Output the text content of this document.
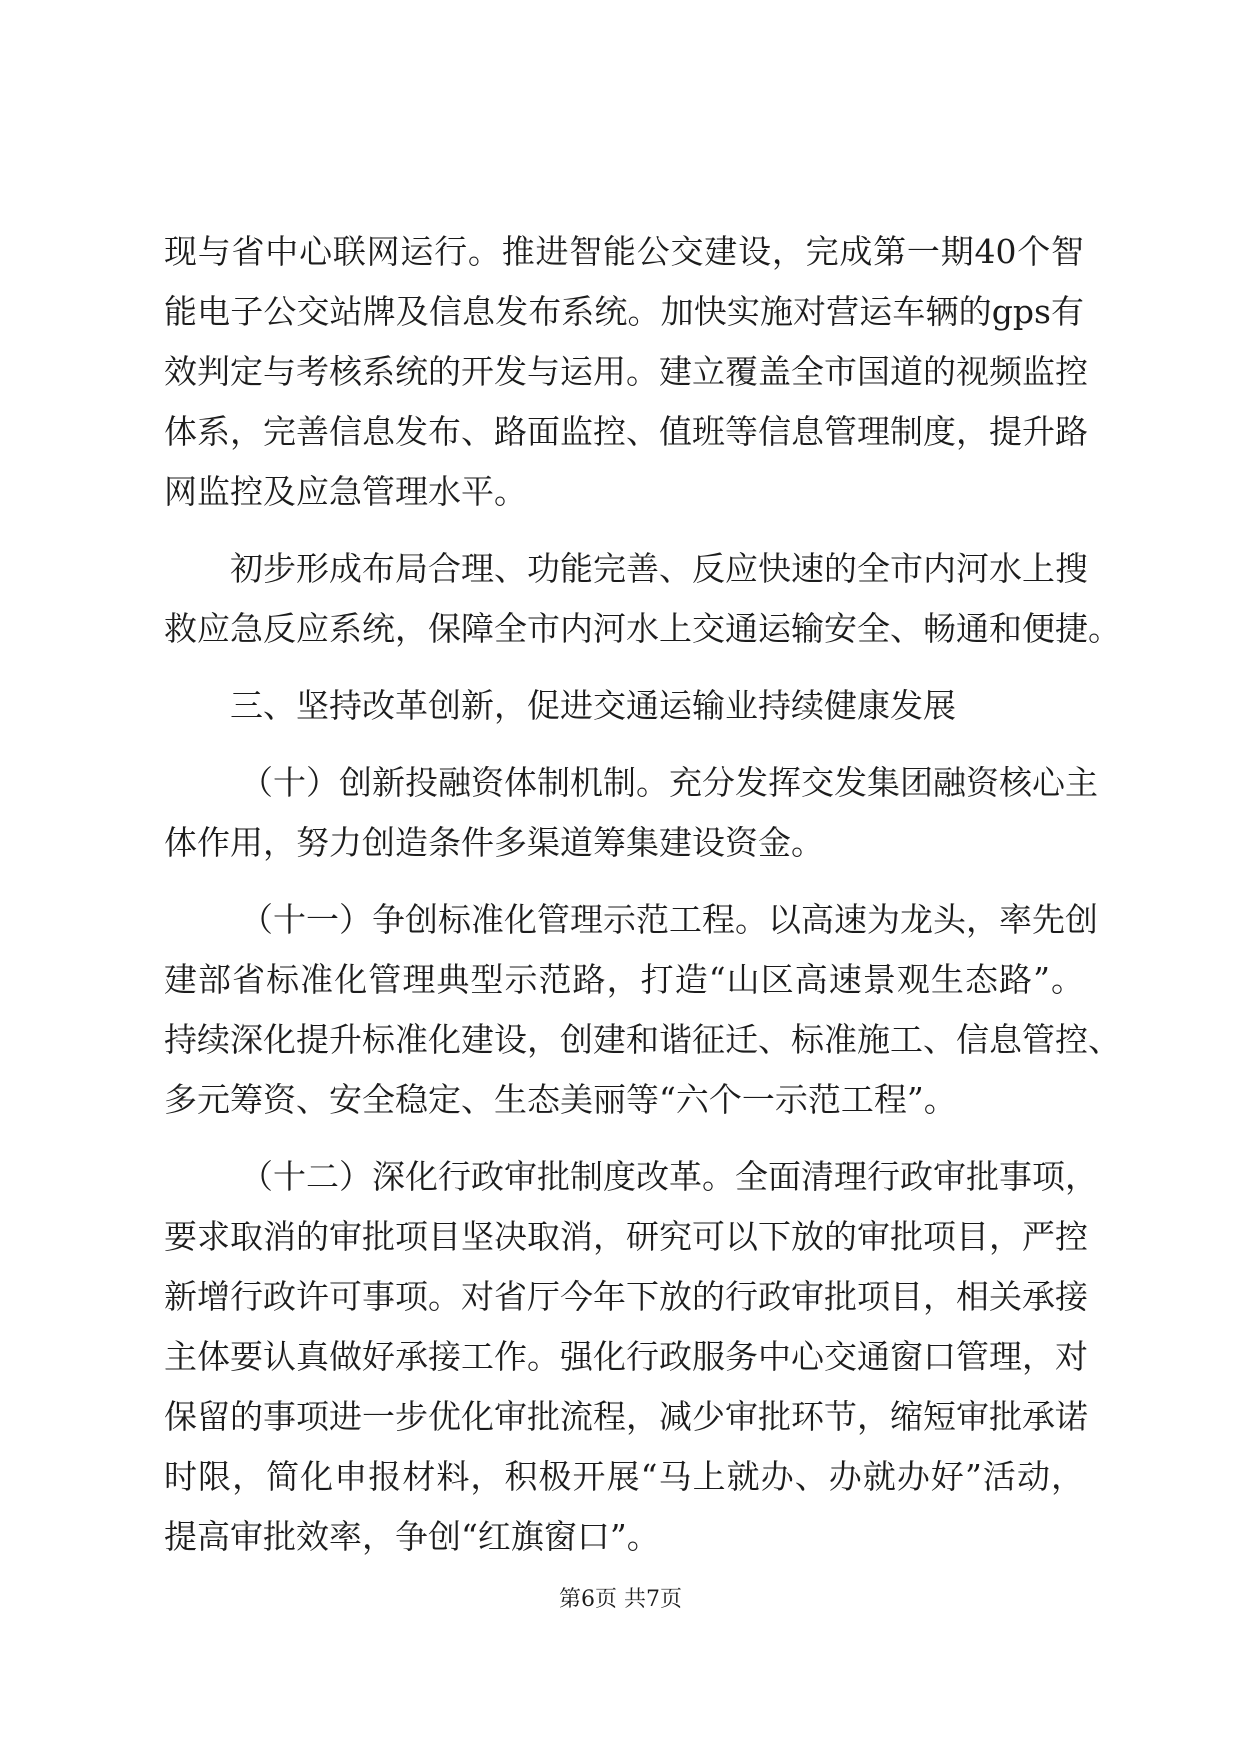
现与省中心联网运行。推进智能公交建设，完成第一期40个智
能电子公交站牌及信息发布系统。加快实施对营运车辆的gps有
效判定与考核系统的开发与运用。建立覆盖全市国道的视频监控
体系，完善信息发布、路面监控、值班等信息管理制度，提升路
网监控及应急管理水平。
初步形成布局合理、功能完善、反应快速的全市内河水上搜
救应急反应系统，保障全市内河水上交通运输安全、畅通和便捷。
三、坚持改革创新，促进交通运输业持续健康发展
（十）创新投融资体制机制。充分发挥交发集团融资核心主
体作用，努力创造条件多渠道筹集建设资金。
（十一）争创标准化管理示范工程。以高速为龙头，率先创
建部省标准化管理典型示范路，打造“山区高速景观生态路”。
持续深化提升标准化建设，创建和谐征迁、标准施工、信息管控、
多元筹资、安全稳定、生态美丽等“六个一示范工程”。
（十二）深化行政审批制度改革。全面清理行政审批事项，
要求取消的审批项目坚决取消，研究可以下放的审批项目，严控
新增行政许可事项。对省厅今年下放的行政审批项目，相关承接
主体要认真做好承接工作。强化行政服务中心交通窗口管理，对
保留的事项进一步优化审批流程，减少审批环节，缩短审批承诺
时限，简化申报材料，积极开展“马上就办、办就办好”活动，
提高审批效率，争创“红旗窗口”。
第6页 共7页
